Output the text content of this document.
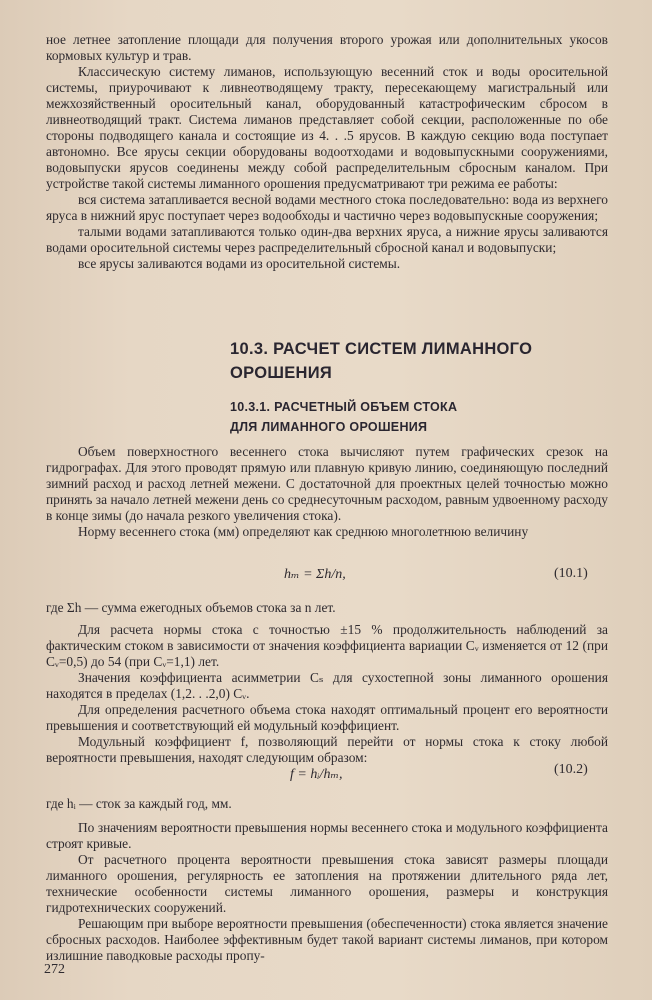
ное летнее затопление площади для получения второго урожая или дополнительных укосов кормовых культур и трав.

Классическую систему лиманов, использующую весенний сток и воды оросительной системы, приурочивают к ливнеотводящему тракту, пересекающему магистральный или межхозяйственный оросительный канал, оборудованный катастрофическим сбросом в ливнеотводящий тракт. Система лиманов представляет собой секции, расположенные по обе стороны подводящего канала и состоящие из 4. . .5 ярусов. В каждую секцию вода поступает автономно. Все ярусы секции оборудованы водоотходами и водовыпускными сооружениями, водовыпуски ярусов соединены между собой распределительным сбросным каналом. При устройстве такой системы лиманного орошения предусматривают три режима ее работы:

вся система затапливается весной водами местного стока последовательно: вода из верхнего яруса в нижний ярус поступает через водообходы и частично через водовыпускные сооружения;

талыми водами затапливаются только один-два верхних яруса, а нижние ярусы заливаются водами оросительной системы через распределительный сбросной канал и водовыпуски;

все ярусы заливаются водами из оросительной системы.

10.3. РАСЧЕТ СИСТЕМ ЛИМАННОГО
ОРОШЕНИЯ
10.3.1. РАСЧЕТНЫЙ ОБЪЕМ СТОКА
ДЛЯ ЛИМАННОГО ОРОШЕНИЯ

Объем поверхностного весеннего стока вычисляют путем графических срезок на гидрографах. Для этого проводят прямую или плавную кривую линию, соединяющую последний зимний расход и расход летней межени. С достаточной для проектных целей точностью можно принять за начало летней межени день со среднесуточным расходом, равным удвоенному расходу в конце зимы (до начала резкого увеличения стока).

Норму весеннего стока (мм) определяют как среднюю многолетнюю величину

hₘ = Σh/n,	(10.1)

где Σh — сумма ежегодных объемов стока за n лет.

Для расчета нормы стока с точностью ±15 % продолжительность наблюдений за фактическим стоком в зависимости от значения коэффициента вариации Cᵥ изменяется от 12 (при Cᵥ=0,5) до 54 (при Cᵥ=1,1) лет.

Значения коэффициента асимметрии Cₛ для сухостепной зоны лиманного орошения находятся в пределах (1,2. . .2,0) Cᵥ.

Для определения расчетного объема стока находят оптимальный процент его вероятности превышения и соответствующий ей модульный коэффициент.

Модульный коэффициент f, позволяющий перейти от нормы стока к стоку любой вероятности превышения, находят следующим образом:

f = hᵢ/hₘ,	(10.2)

где hᵢ — сток за каждый год, мм.

По значениям вероятности превышения нормы весеннего стока и модульного коэффициента строят кривые.

От расчетного процента вероятности превышения стока зависят размеры площади лиманного орошения, регулярность ее затопления на протяжении длительного ряда лет, технические особенности системы лиманного орошения, размеры и конструкция гидротехнических сооружений.

Решающим при выборе вероятности превышения (обеспеченности) стока является значение сбросных расходов. Наиболее эффективным будет такой вариант системы лиманов, при котором излишние паводковые расходы пропу-

272
